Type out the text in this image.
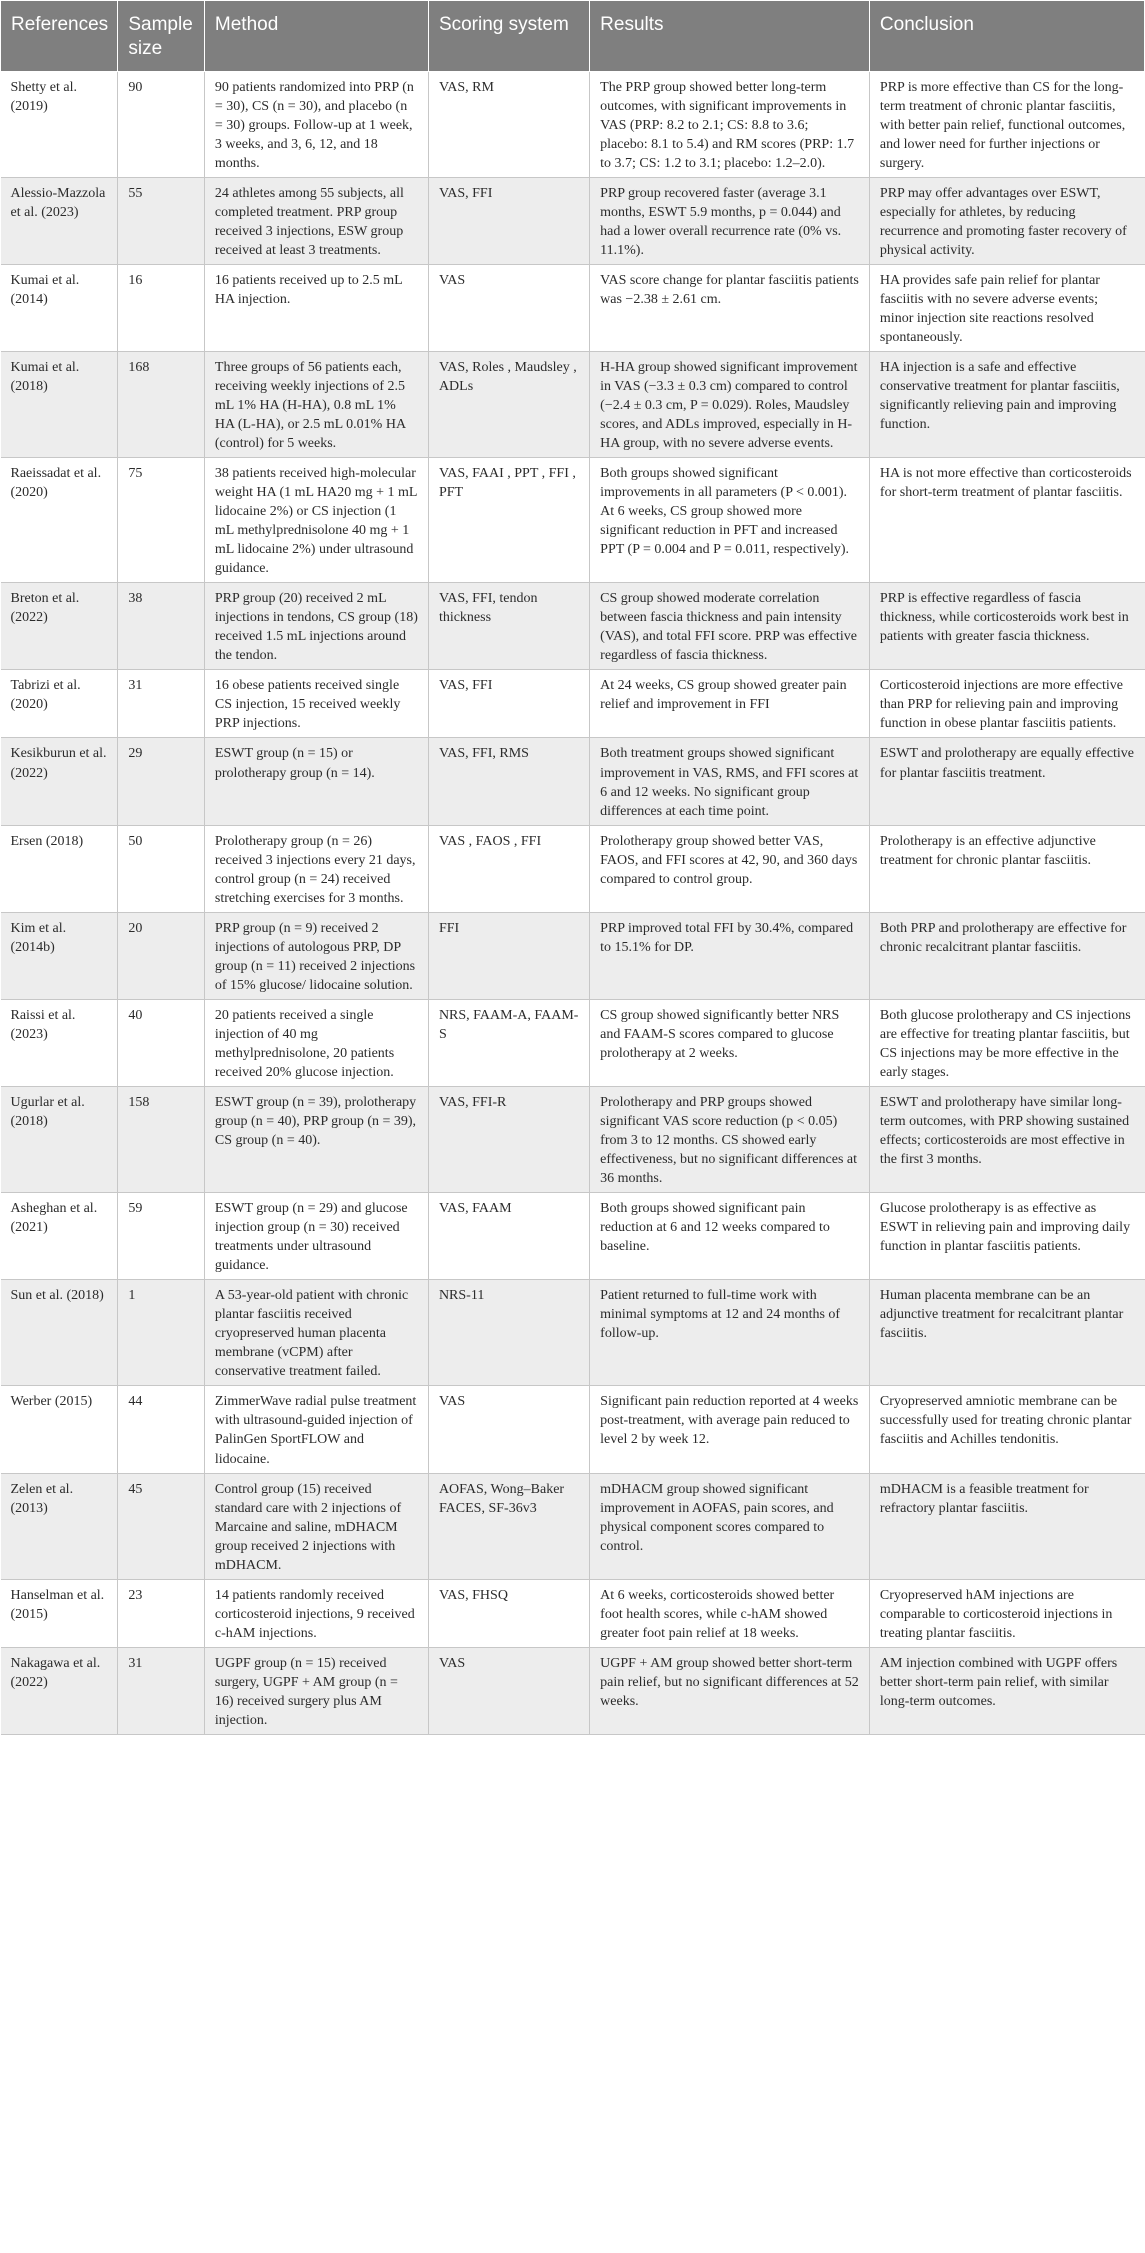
References	Sample size	Method	Scoring system	Results	Conclusion
Shetty et al. (2019)	90	90 patients randomized into PRP (n = 30), CS (n = 30), and placebo (n = 30) groups. Follow-up at 1 week, 3 weeks, and 3, 6, 12, and 18 months.	VAS, RM	The PRP group showed better long-term outcomes, with significant improvements in VAS (PRP: 8.2 to 2.1; CS: 8.8 to 3.6; placebo: 8.1 to 5.4) and RM scores (PRP: 1.7 to 3.7; CS: 1.2 to 3.1; placebo: 1.2–2.0).	PRP is more effective than CS for the long-term treatment of chronic plantar fasciitis, with better pain relief, functional outcomes, and lower need for further injections or surgery.
Alessio-Mazzola et al. (2023)	55	24 athletes among 55 subjects, all completed treatment. PRP group received 3 injections, ESW group received at least 3 treatments.	VAS, FFI	PRP group recovered faster (average 3.1 months, ESWT 5.9 months, p = 0.044) and had a lower overall recurrence rate (0% vs. 11.1%).	PRP may offer advantages over ESWT, especially for athletes, by reducing recurrence and promoting faster recovery of physical activity.
Kumai et al. (2014)	16	16 patients received up to 2.5 mL HA injection.	VAS	VAS score change for plantar fasciitis patients was −2.38 ± 2.61 cm.	HA provides safe pain relief for plantar fasciitis with no severe adverse events; minor injection site reactions resolved spontaneously.
Kumai et al. (2018)	168	Three groups of 56 patients each, receiving weekly injections of 2.5 mL 1% HA (H-HA), 0.8 mL 1% HA (L-HA), or 2.5 mL 0.01% HA (control) for 5 weeks.	VAS, Roles , Maudsley , ADLs	H-HA group showed significant improvement in VAS (−3.3 ± 0.3 cm) compared to control (−2.4 ± 0.3 cm, P = 0.029). Roles, Maudsley scores, and ADLs improved, especially in H-HA group, with no severe adverse events.	HA injection is a safe and effective conservative treatment for plantar fasciitis, significantly relieving pain and improving function.
Raeissadat et al. (2020)	75	38 patients received high-molecular weight HA (1 mL HA20 mg + 1 mL lidocaine 2%) or CS injection (1 mL methylprednisolone 40 mg + 1 mL lidocaine 2%) under ultrasound guidance.	VAS, FAAI , PPT , FFI , PFT	Both groups showed significant improvements in all parameters (P < 0.001). At 6 weeks, CS group showed more significant reduction in PFT and increased PPT (P = 0.004 and P = 0.011, respectively).	HA is not more effective than corticosteroids for short-term treatment of plantar fasciitis.
Breton et al. (2022)	38	PRP group (20) received 2 mL injections in tendons, CS group (18) received 1.5 mL injections around the tendon.	VAS, FFI, tendon thickness	CS group showed moderate correlation between fascia thickness and pain intensity (VAS), and total FFI score. PRP was effective regardless of fascia thickness.	PRP is effective regardless of fascia thickness, while corticosteroids work best in patients with greater fascia thickness.
Tabrizi et al. (2020)	31	16 obese patients received single CS injection, 15 received weekly PRP injections.	VAS, FFI	At 24 weeks, CS group showed greater pain relief and improvement in FFI	Corticosteroid injections are more effective than PRP for relieving pain and improving function in obese plantar fasciitis patients.
Kesikburun et al. (2022)	29	ESWT group (n = 15) or prolotherapy group (n = 14).	VAS, FFI, RMS	Both treatment groups showed significant improvement in VAS, RMS, and FFI scores at 6 and 12 weeks. No significant group differences at each time point.	ESWT and prolotherapy are equally effective for plantar fasciitis treatment.
Ersen (2018)	50	Prolotherapy group (n = 26) received 3 injections every 21 days, control group (n = 24) received stretching exercises for 3 months.	VAS , FAOS , FFI	Prolotherapy group showed better VAS, FAOS, and FFI scores at 42, 90, and 360 days compared to control group.	Prolotherapy is an effective adjunctive treatment for chronic plantar fasciitis.
Kim et al. (2014b)	20	PRP group (n = 9) received 2 injections of autologous PRP, DP group (n = 11) received 2 injections of 15% glucose/ lidocaine solution.	FFI	PRP improved total FFI by 30.4%, compared to 15.1% for DP.	Both PRP and prolotherapy are effective for chronic recalcitrant plantar fasciitis.
Raissi et al. (2023)	40	20 patients received a single injection of 40 mg methylprednisolone, 20 patients received 20% glucose injection.	NRS, FAAM-A, FAAM-S	CS group showed significantly better NRS and FAAM-S scores compared to glucose prolotherapy at 2 weeks.	Both glucose prolotherapy and CS injections are effective for treating plantar fasciitis, but CS injections may be more effective in the early stages.
Ugurlar et al. (2018)	158	ESWT group (n = 39), prolotherapy group (n = 40), PRP group (n = 39), CS group (n = 40).	VAS, FFI-R	Prolotherapy and PRP groups showed significant VAS score reduction (p < 0.05) from 3 to 12 months. CS showed early effectiveness, but no significant differences at 36 months.	ESWT and prolotherapy have similar long-term outcomes, with PRP showing sustained effects; corticosteroids are most effective in the first 3 months.
Asheghan et al. (2021)	59	ESWT group (n = 29) and glucose injection group (n = 30) received treatments under ultrasound guidance.	VAS, FAAM	Both groups showed significant pain reduction at 6 and 12 weeks compared to baseline.	Glucose prolotherapy is as effective as ESWT in relieving pain and improving daily function in plantar fasciitis patients.
Sun et al. (2018)	1	A 53-year-old patient with chronic plantar fasciitis received cryopreserved human placenta membrane (vCPM) after conservative treatment failed.	NRS-11	Patient returned to full-time work with minimal symptoms at 12 and 24 months of follow-up.	Human placenta membrane can be an adjunctive treatment for recalcitrant plantar fasciitis.
Werber (2015)	44	ZimmerWave radial pulse treatment with ultrasound-guided injection of PalinGen SportFLOW and lidocaine.	VAS	Significant pain reduction reported at 4 weeks post-treatment, with average pain reduced to level 2 by week 12.	Cryopreserved amniotic membrane can be successfully used for treating chronic plantar fasciitis and Achilles tendonitis.
Zelen et al. (2013)	45	Control group (15) received standard care with 2 injections of Marcaine and saline, mDHACM group received 2 injections with mDHACM.	AOFAS, Wong–Baker FACES, SF-36v3	mDHACM group showed significant improvement in AOFAS, pain scores, and physical component scores compared to control.	mDHACM is a feasible treatment for refractory plantar fasciitis.
Hanselman et al. (2015)	23	14 patients randomly received corticosteroid injections, 9 received c-hAM injections.	VAS, FHSQ	At 6 weeks, corticosteroids showed better foot health scores, while c-hAM showed greater foot pain relief at 18 weeks.	Cryopreserved hAM injections are comparable to corticosteroid injections in treating plantar fasciitis.
Nakagawa et al. (2022)	31	UGPF group (n = 15) received surgery, UGPF + AM group (n = 16) received surgery plus AM injection.	VAS	UGPF + AM group showed better short-term pain relief, but no significant differences at 52 weeks.	AM injection combined with UGPF offers better short-term pain relief, with similar long-term outcomes.
